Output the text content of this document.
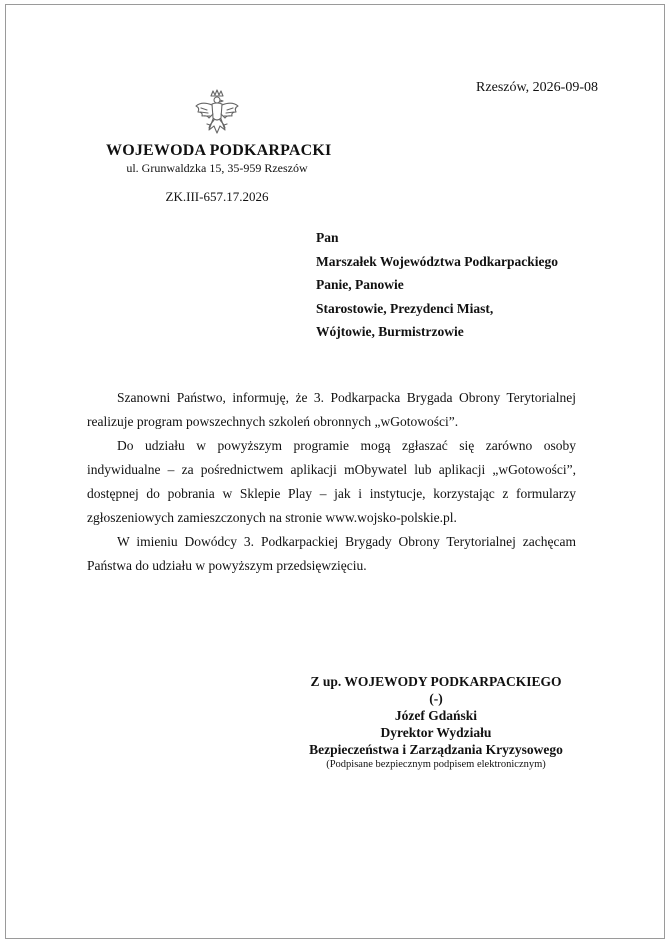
Rzeszów, 2026-09-08
WOJEWODA PODKARPACKI
ul. Grunwaldzka 15, 35-959 Rzeszów
ZK.III-657.17.2026
Pan
Marszałek Województwa Podkarpackiego
Panie, Panowie
Starostowie, Prezydenci Miast,
Wójtowie, Burmistrzowie

Szanowni Państwo, informuję, że 3. Podkarpacka Brygada Obrony Terytorialnej realizuje program powszechnych szkoleń obronnych „wGotowości”.

Do udziału w powyższym programie mogą zgłaszać się zarówno osoby indywidualne – za pośrednictwem aplikacji mObywatel lub aplikacji „wGotowości”, dostępnej do pobrania w Sklepie Play – jak i instytucje, korzystając z formularzy zgłoszeniowych zamieszczonych na stronie www.wojsko-polskie.pl.

W imieniu Dowódcy 3. Podkarpackiej Brygady Obrony Terytorialnej zachęcam Państwa do udziału w powyższym przedsięwzięciu.

Z up. WOJEWODY PODKARPACKIEGO
(-)
Józef Gdański
Dyrektor Wydziału
Bezpieczeństwa i Zarządzania Kryzysowego
(Podpisane bezpiecznym podpisem elektronicznym)
